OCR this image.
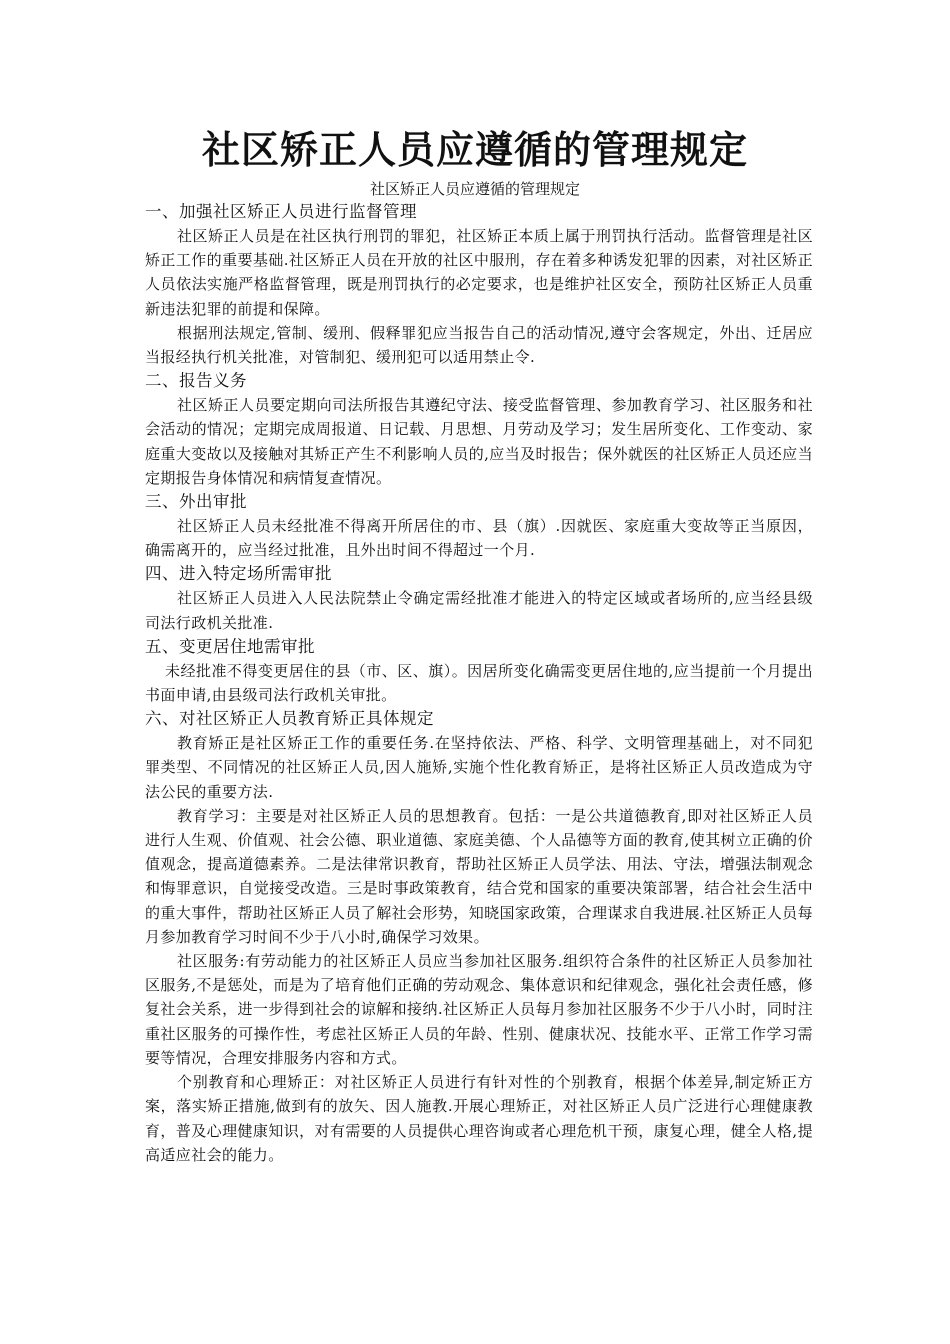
社区矫正人员应遵循的管理规定
社区矫正人员应遵循的管理规定

一、加强社区矫正人员进行监督管理

社区矫正人员是在社区执行刑罚的罪犯，社区矫正本质上属于刑罚执行活动。监督管理是社区矫正工作的重要基础.社区矫正人员在开放的社区中服刑，存在着多种诱发犯罪的因素，对社区矫正人员依法实施严格监督管理，既是刑罚执行的必定要求，也是维护社区安全，预防社区矫正人员重新违法犯罪的前提和保障。

根据刑法规定,管制、缓刑、假释罪犯应当报告自己的活动情况,遵守会客规定，外出、迁居应当报经执行机关批准，对管制犯、缓刑犯可以适用禁止令.

二、报告义务

社区矫正人员要定期向司法所报告其遵纪守法、接受监督管理、参加教育学习、社区服务和社会活动的情况；定期完成周报道、日记载、月思想、月劳动及学习；发生居所变化、工作变动、家庭重大变故以及接触对其矫正产生不利影响人员的,应当及时报告；保外就医的社区矫正人员还应当定期报告身体情况和病情复查情况。

三、外出审批

社区矫正人员未经批准不得离开所居住的市、县（旗）.因就医、家庭重大变故等正当原因，确需离开的，应当经过批准，且外出时间不得超过一个月.

四、进入特定场所需审批

社区矫正人员进入人民法院禁止令确定需经批准才能进入的特定区域或者场所的,应当经县级司法行政机关批准.

五、变更居住地需审批

未经批准不得变更居住的县（市、区、旗）。因居所变化确需变更居住地的,应当提前一个月提出书面申请,由县级司法行政机关审批。

六、对社区矫正人员教育矫正具体规定

教育矫正是社区矫正工作的重要任务.在坚持依法、严格、科学、文明管理基础上，对不同犯罪类型、不同情况的社区矫正人员,因人施矫,实施个性化教育矫正，是将社区矫正人员改造成为守法公民的重要方法.

教育学习：主要是对社区矫正人员的思想教育。包括：一是公共道德教育,即对社区矫正人员进行人生观、价值观、社会公德、职业道德、家庭美德、个人品德等方面的教育,使其树立正确的价值观念，提高道德素养。二是法律常识教育，帮助社区矫正人员学法、用法、守法，增强法制观念和悔罪意识，自觉接受改造。三是时事政策教育，结合党和国家的重要决策部署，结合社会生活中的重大事件，帮助社区矫正人员了解社会形势，知晓国家政策，合理谋求自我进展.社区矫正人员每月参加教育学习时间不少于八小时,确保学习效果。

社区服务:有劳动能力的社区矫正人员应当参加社区服务.组织符合条件的社区矫正人员参加社区服务,不是惩处，而是为了培育他们正确的劳动观念、集体意识和纪律观念，强化社会责任感，修复社会关系，进一步得到社会的谅解和接纳.社区矫正人员每月参加社区服务不少于八小时，同时注重社区服务的可操作性，考虑社区矫正人员的年龄、性别、健康状况、技能水平、正常工作学习需要等情况，合理安排服务内容和方式。

个别教育和心理矫正：对社区矫正人员进行有针对性的个别教育，根据个体差异,制定矫正方案，落实矫正措施,做到有的放矢、因人施教.开展心理矫正，对社区矫正人员广泛进行心理健康教育，普及心理健康知识，对有需要的人员提供心理咨询或者心理危机干预，康复心理，健全人格,提高适应社会的能力。
